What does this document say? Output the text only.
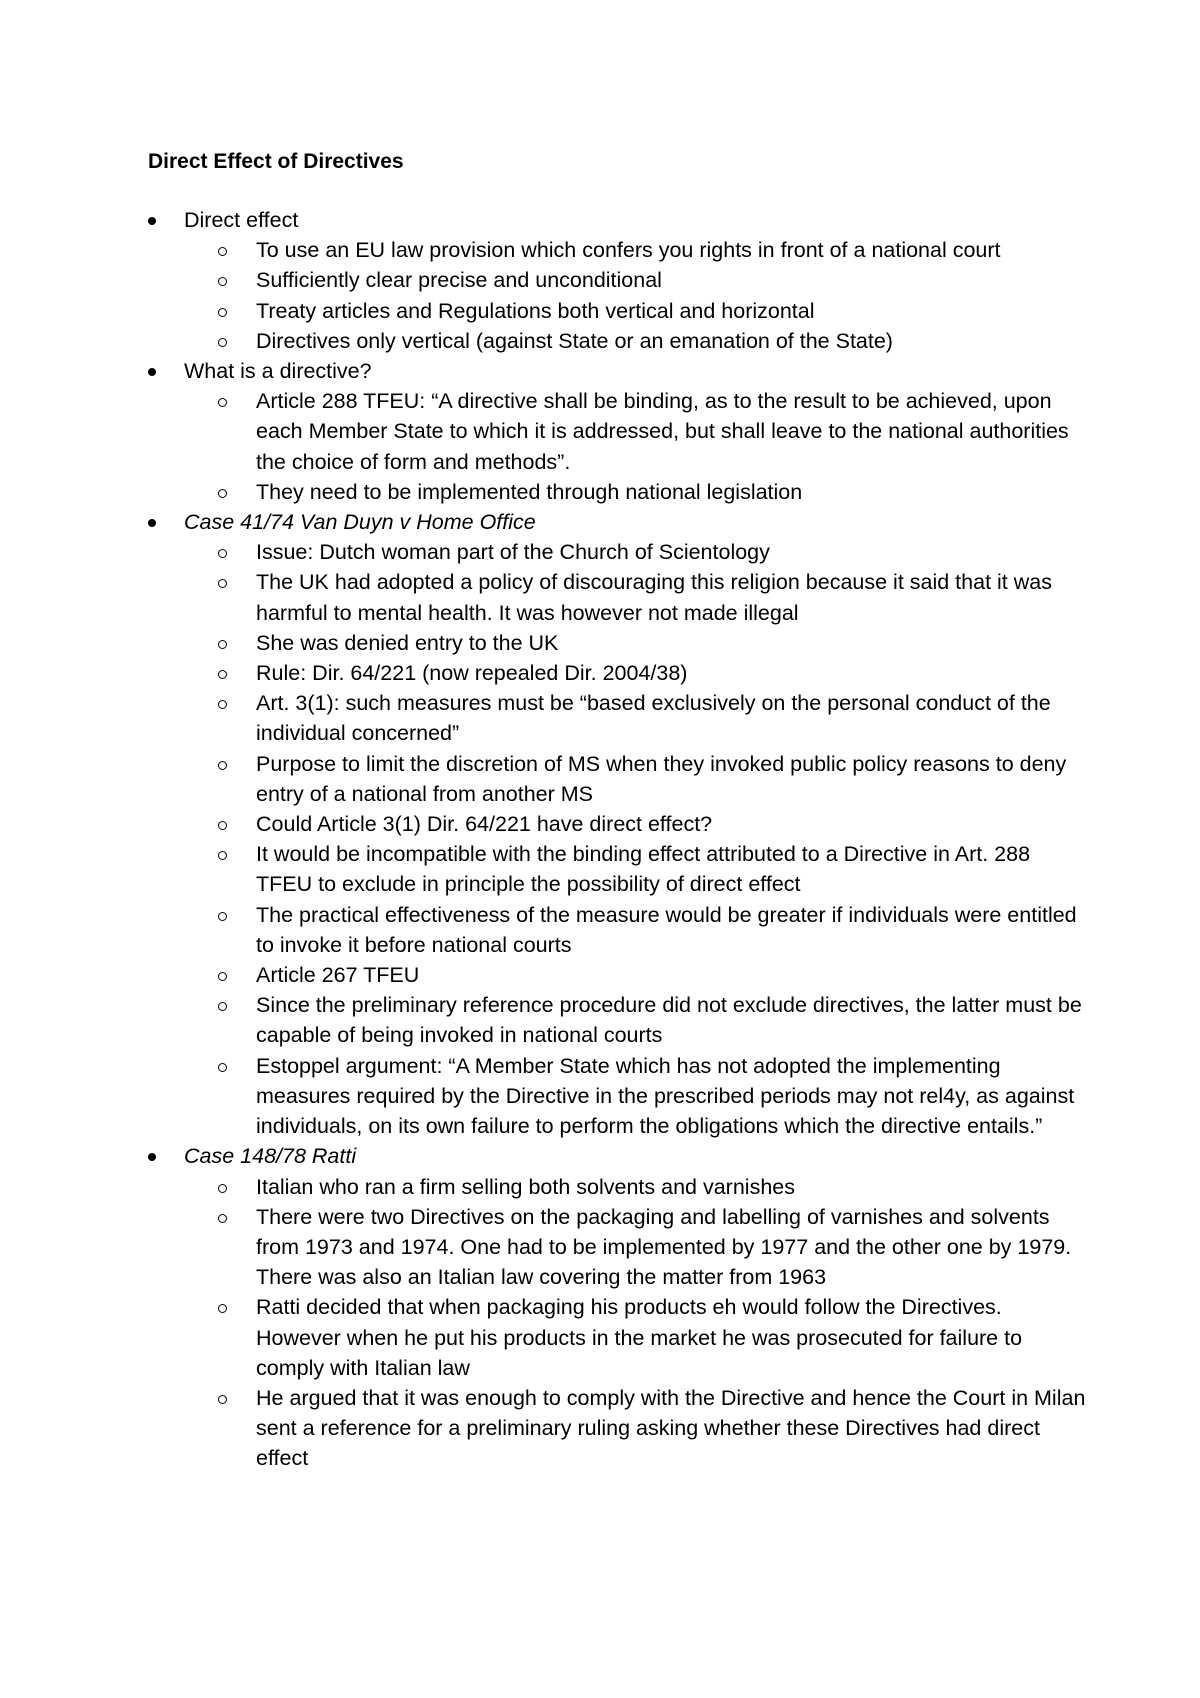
Direct Effect of Directives
Direct effect
To use an EU law provision which confers you rights in front of a national court
Sufficiently clear precise and unconditional
Treaty articles and Regulations both vertical and horizontal
Directives only vertical (against State or an emanation of the State)
What is a directive?
Article 288 TFEU: “A directive shall be binding, as to the result to be achieved, upon each Member State to which it is addressed, but shall leave to the national authorities the choice of form and methods”.
They need to be implemented through national legislation
Case 41/74 Van Duyn v Home Office
Issue: Dutch woman part of the Church of Scientology
The UK had adopted a policy of discouraging this religion because it said that it was harmful to mental health. It was however not made illegal
She was denied entry to the UK
Rule: Dir. 64/221 (now repealed Dir. 2004/38)
Art. 3(1): such measures must be “based exclusively on the personal conduct of the individual concerned”
Purpose to limit the discretion of MS when they invoked public policy reasons to deny entry of a national from another MS
Could Article 3(1) Dir. 64/221 have direct effect?
It would be incompatible with the binding effect attributed to a Directive in Art. 288 TFEU to exclude in principle the possibility of direct effect
The practical effectiveness of the measure would be greater if individuals were entitled to invoke it before national courts
Article 267 TFEU
Since the preliminary reference procedure did not exclude directives, the latter must be capable of being invoked in national courts
Estoppel argument: “A Member State which has not adopted the implementing measures required by the Directive in the prescribed periods may not rel4y, as against individuals, on its own failure to perform the obligations which the directive entails.”
Case 148/78 Ratti
Italian who ran a firm selling both solvents and varnishes
There were two Directives on the packaging and labelling of varnishes and solvents from 1973 and 1974. One had to be implemented by 1977 and the other one by 1979. There was also an Italian law covering the matter from 1963
Ratti decided that when packaging his products eh would follow the Directives. However when he put his products in the market he was prosecuted for failure to comply with Italian law
He argued that it was enough to comply with the Directive and hence the Court in Milan sent a reference for a preliminary ruling asking whether these Directives had direct effect
